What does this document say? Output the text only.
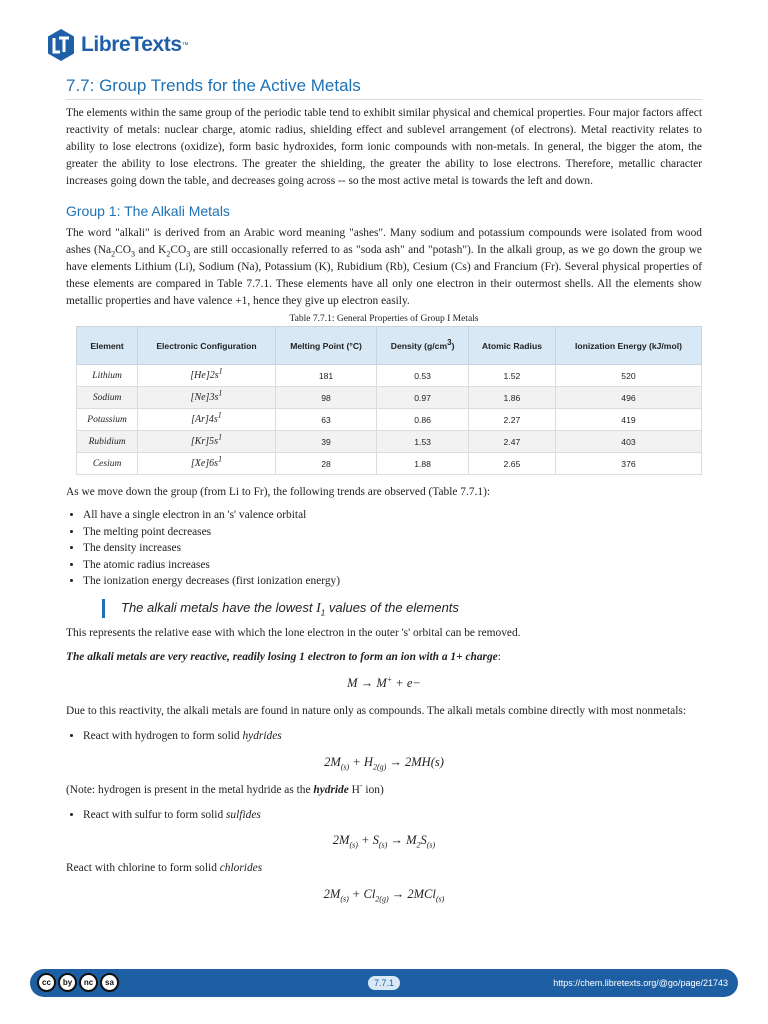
LibreTexts ™
7.7: Group Trends for the Active Metals

The elements within the same group of the periodic table tend to exhibit similar physical and chemical properties. Four major factors affect reactivity of metals: nuclear charge, atomic radius, shielding effect and sublevel arrangement (of electrons). Metal reactivity relates to ability to lose electrons (oxidize), form basic hydroxides, form ionic compounds with non-metals. In general, the bigger the atom, the greater the ability to lose electrons. The greater the shielding, the greater the ability to lose electrons. Therefore, metallic character increases going down the table, and decreases going across -- so the most active metal is towards the left and down.

Group 1: The Alkali Metals

The word "alkali" is derived from an Arabic word meaning "ashes". Many sodium and potassium compounds were isolated from wood ashes ($Na_2CO_3$ and $K_2CO_3$ are still occasionally referred to as "soda ash" and "potash"). In the alkali group, as we go down the group we have elements Lithium (Li), Sodium (Na), Potassium (K), Rubidium (Rb), Cesium (Cs) and Francium (Fr). Several physical properties of these elements are compared in Table 7.7.1. These elements have all only one electron in their outermost shells. All the elements show metallic properties and have valence +1, hence they give up electron easily.

Table 7.7.1: General Properties of Group I Metals
Element	Electronic Configuration	Melting Point (°C)	Density $(g/cm^3)$	Atomic Radius	Ionization Energy (kJ/mol)
Lithium	$[He]2s^1$	181	0.53	1.52	520
Sodium	$[Ne]3s^1$	98	0.97	1.86	496
Potassium	$[Ar]4s^1$	63	0.86	2.27	419
Rubidium	$[Kr]5s^1$	39	1.53	2.47	403
Cesium	$[Xe]6s^1$	28	1.88	2.65	376

As we move down the group (from Li to Fr), the following trends are observed (Table 7.7.1):

• All have a single electron in an 's' valence orbital
• The melting point decreases
• The density increases
• The atomic radius increases
• The ionization energy decreases (first ionization energy)
The alkali metals have the lowest $I_1$ values of the elements

This represents the relative ease with which the lone electron in the outer 's' orbital can be removed.

The alkali metals are very reactive, readily losing 1 electron to form an ion with a 1+ charge:

M → M+ + e−

Due to this reactivity, the alkali metals are found in nature only as compounds. The alkali metals combine directly with most nonmetals:

• React with hydrogen to form solid hydrides
$2M_{(s)} + H_{2(g)} \to 2MH(s)$

(Note: hydrogen is present in the metal hydride as the hydride H- ion)

• React with sulfur to form solid sulfides
$2M_{(s)} + S_{(s)} \to M_2S_{(s)}$

React with chlorine to form solid chlorides

$2M_{(s)} + Cl_{2(g)} \to 2MCl_{(s)}$
cc	by	nc	sa	7.7.1	https://chem.libretexts.org/@go/page/21743
